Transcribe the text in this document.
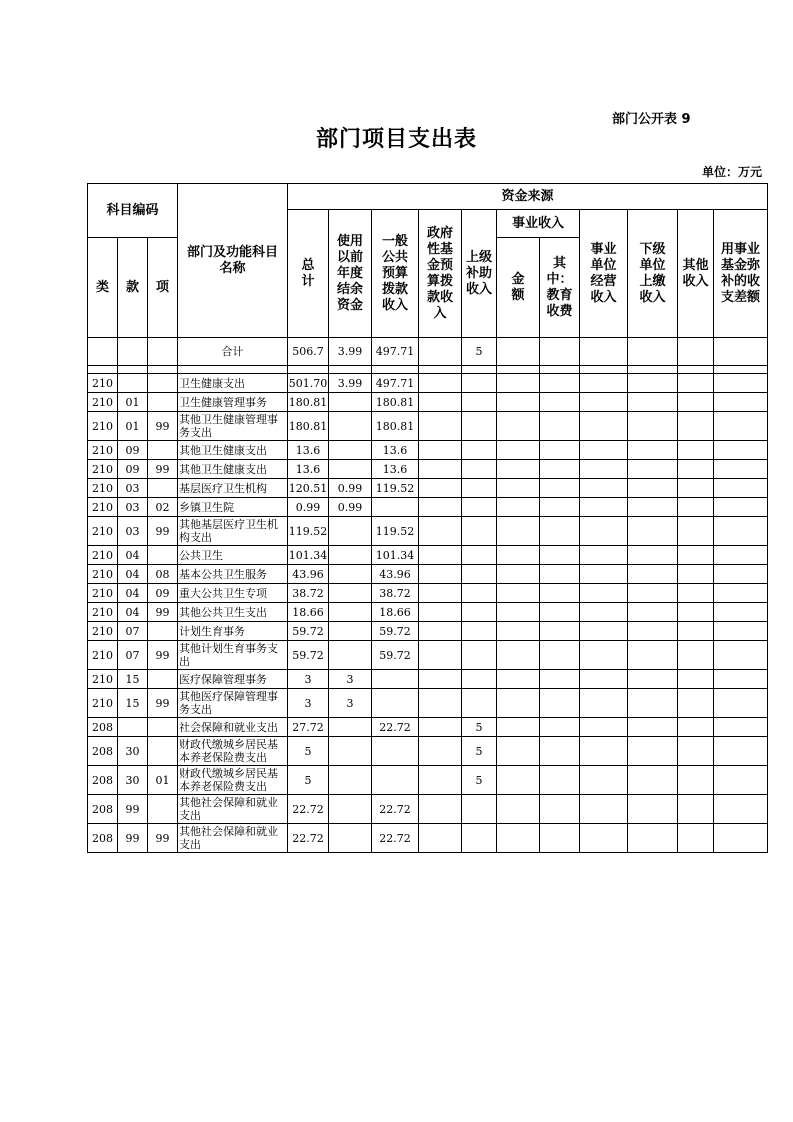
部门公开表 9
部门项目支出表
单位：万元
科目编码			部门及功能科目名称	资金来源										
				总计	使用以前年度结余资金	一般公共预算拨款收入	政府性基金预算拨款收入	上级补助收入	事业收入		事业单位经营收入	下级单位上缴收入	其他收入	用事业基金弥补的收支差额
类	款	项							金额	其中：教育收费				

			合计	506.7	3.99	497.71		5						

210			卫生健康支出	501.70	3.99	497.71								
210	01		卫生健康管理事务	180.81		180.81								
210	01	99	其他卫生健康管理事务支出	180.81		180.81								
210	09		其他卫生健康支出	13.6		13.6								
210	09	99	其他卫生健康支出	13.6		13.6								
210	03		基层医疗卫生机构	120.51	0.99	119.52								
210	03	02	乡镇卫生院	0.99	0.99									
210	03	99	其他基层医疗卫生机构支出	119.52		119.52								
210	04		公共卫生	101.34		101.34								
210	04	08	基本公共卫生服务	43.96		43.96								
210	04	09	重大公共卫生专项	38.72		38.72								
210	04	99	其他公共卫生支出	18.66		18.66								
210	07		计划生育事务	59.72		59.72								
210	07	99	其他计划生育事务支出	59.72		59.72								
210	15		医疗保障管理事务	3	3									
210	15	99	其他医疗保障管理事务支出	3	3									
208			社会保障和就业支出	27.72		22.72		5						
208	30		财政代缴城乡居民基本养老保险费支出	5				5						
208	30	01	财政代缴城乡居民基本养老保险费支出	5				5						
208	99		其他社会保障和就业支出	22.72		22.72								
208	99	99	其他社会保障和就业支出	22.72		22.72								
